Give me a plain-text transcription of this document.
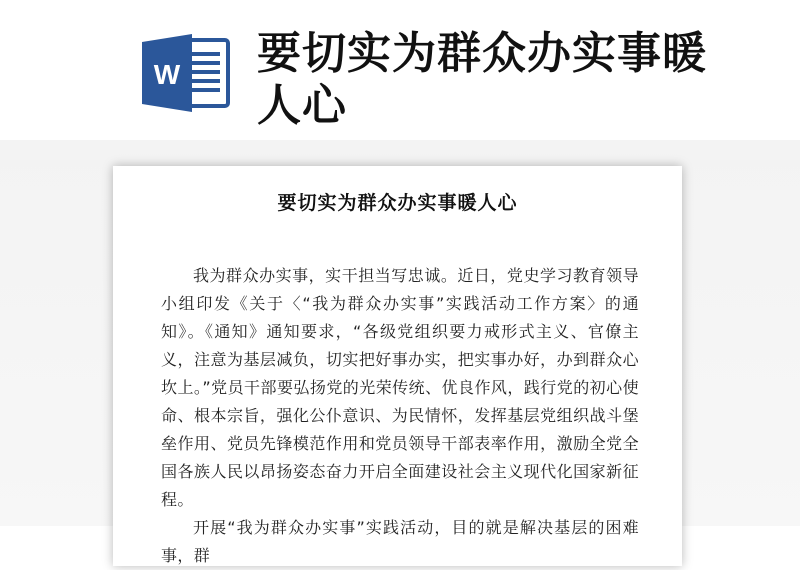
W 要切实为群众办实事暖人心
要切实为群众办实事暖人心

我为群众办实事，实干担当写忠诚。近日，党史学习教育领导小组印发《关于〈“我为群众办实事”实践活动工作方案〉的通知》。《通知》通知要求，“各级党组织要力戒形式主义、官僚主义，注意为基层减负，切实把好事办实，把实事办好，办到群众心坎上。”党员干部要弘扬党的光荣传统、优良作风，践行党的初心使命、根本宗旨，强化公仆意识、为民情怀，发挥基层党组织战斗堡垒作用、党员先锋模范作用和党员领导干部表率作用，激励全党全国各族人民以昂扬姿态奋力开启全面建设社会主义现代化国家新征程。

开展“我为群众办实事”实践活动，目的就是解决基层的困难事，群
